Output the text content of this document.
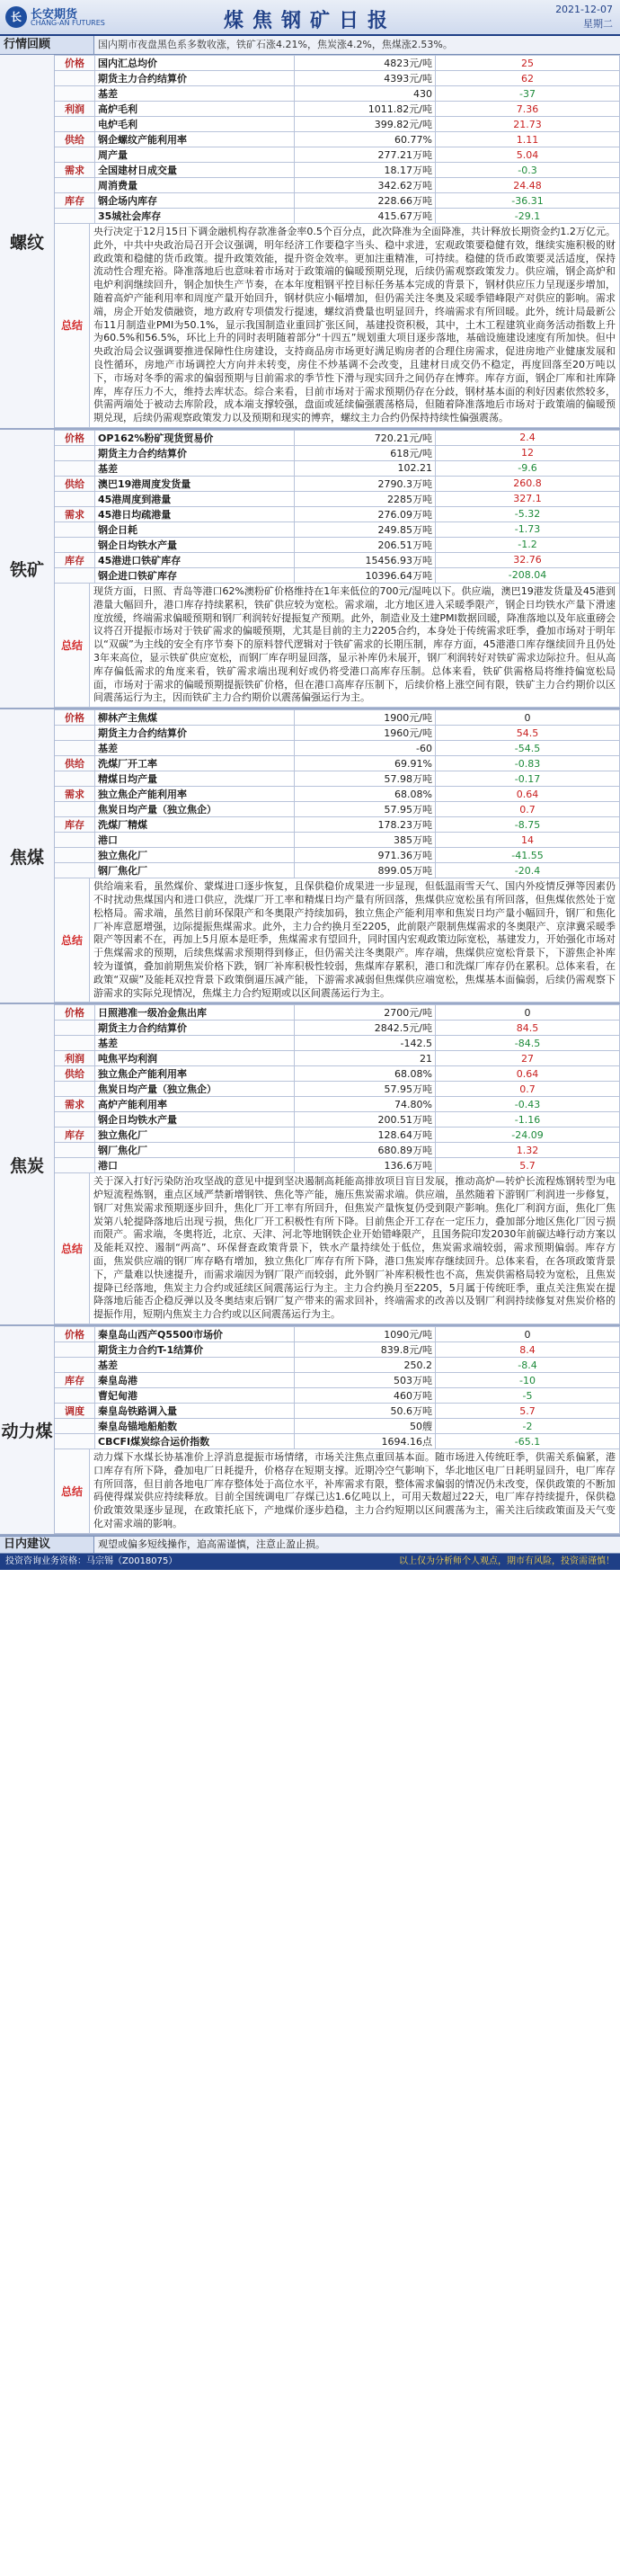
长 长安期货
CHANG-AN FUTURES	煤焦钢矿日报	2021-12-07
星期二
行情回顾	国内期市夜盘黑色系多数收涨，铁矿石涨4.21%，焦炭涨4.2%，焦煤涨2.53%。
螺纹
价格	国内汇总均价	4823元/吨	25
	期货主力合约结算价	4393元/吨	62
	基差	430	-37
利润	高炉毛利	1011.82元/吨	7.36
	电炉毛利	399.82元/吨	21.73
供给	钢企螺纹产能利用率	60.77%	1.11
	周产量	277.21万吨	5.04
需求	全国建材日成交量	18.17万吨	-0.3
	周消费量	342.62万吨	24.48
库存	钢企场内库存	228.66万吨	-36.31
	35城社会库存	415.67万吨	-29.1
总结
央行决定于12月15日下调金融机构存款准备金率0.5个百分点，此次降准为全面降准，共计释放长期资金约1.2万亿元。此外，中共中央政治局召开会议强调，明年经济工作要稳字当头、稳中求进，宏观政策要稳健有效，继续实施积极的财政政策和稳健的货币政策。提升政策效能，提升资金效率。更加注重精准，可持续。稳健的货币政策要灵活适度，保持流动性合理充裕。降准落地后也意味着市场对于政策端的偏暖预期兑现，后续仍需观察政策发力。供应端，钢企高炉和电炉利润继续回升，钢企加快生产节奏，在本年度粗钢平控目标任务基本完成的背景下，钢材供应压力呈现逐步增加，随着高炉产能利用率和周度产量开始回升，钢材供应小幅增加，但仍需关注冬奥及采暖季错峰限产对供应的影响。需求端，房企开始发债融资，地方政府专项债发行提速，螺纹消费量也明显回升，终端需求有所回暖。此外，统计局最新公布11月制造业PMI为50.1%，显示我国制造业重回扩张区间，基建投资积极，其中，土木工程建筑业商务活动指数上升为60.5%和56.5%，环比上升的同时表明随着部分“十四五”规划重大项目逐步落地，基础设施建设速度有所加快。但中央政治局会议强调要推进保障性住房建设，支持商品房市场更好满足购房者的合理住房需求，促进房地产业健康发展和良性循环，房地产市场调控大方向并未转变，房住不炒基调不会改变，且建材日成交仍不稳定，再度回落至20万吨以下，市场对冬季的需求的偏弱预期与目前需求的季节性下滑与现实回升之间仍存在博弈。库存方面，钢企厂库和社库降库，库存压力不大，维持去库状态。综合来看，目前市场对于需求预期仍存在分歧，钢材基本面的利好因素依然较多，供需两端处于被动去库阶段，成本端支撑较强，盘面或延续偏强震荡格局，但随着降准落地后市场对于政策端的偏暖预期兑现，后续仍需观察政策发力以及预期和现实的博弈，螺纹主力合约仍保持持续性偏强震荡。
铁矿
价格	OP162%粉矿现货贸易价	720.21元/吨	2.4
	期货主力合约结算价	618元/吨	12
	基差	102.21	-9.6
供给	澳巴19港周度发货量	2790.3万吨	260.8
	45港周度到港量	2285万吨	327.1
需求	45港日均疏港量	276.09万吨	-5.32
	钢企日耗	249.85万吨	-1.73
	钢企日均铁水产量	206.51万吨	-1.2
库存	45港进口铁矿库存	15456.93万吨	32.76
	钢企进口铁矿库存	10396.64万吨	-208.04
总结
现货方面，日照、青岛等港口62%澳粉矿价格维持在1年来低位的700元/湿吨以下。供应端，澳巴19港发货量及45港到港量大幅回升，港口库存持续累积，铁矿供应较为宽松。需求端，北方地区进入采暖季限产，钢企日均铁水产量下滑速度放缓，终端需求偏暖预期和钢厂利润转好提振复产预期。此外，制造业及土建PMI数据回暖，降准落地以及年底重磅会议将召开提振市场对于铁矿需求的偏暖预期，尤其是目前的主力2205合约，本身处于传统需求旺季，叠加市场对于明年以“双碳”为主线的安全有序节奏下的原料替代逻辑对于铁矿需求的长期压制，库存方面，45港港口库存继续回升且仍处3年来高位，显示铁矿供应宽松，而钢厂库存明显回落，显示补库仍未展开，钢厂利润转好对铁矿需求边际拉升。但从高库存偏低需求的角度来看，铁矿需求端出现利好或仍将受港口高库存压制。总体来看，铁矿供需格局将维持偏宽松局面，市场对于需求的偏暖预期提振铁矿价格，但在港口高库存压制下，后续价格上涨空间有限，铁矿主力合约期价以区间震荡运行为主，因而铁矿主力合约期价以震荡偏强运行为主。
焦煤
价格	柳林产主焦煤	1900元/吨	0
	期货主力合约结算价	1960元/吨	54.5
	基差	-60	-54.5
供给	洗煤厂开工率	69.91%	-0.83
	精煤日均产量	57.98万吨	-0.17
需求	独立焦企产能利用率	68.08%	0.64
	焦炭日均产量（独立焦企）	57.95万吨	0.7
库存	洗煤厂精煤	178.23万吨	-8.75
	港口	385万吨	14
	独立焦化厂	971.36万吨	-41.55
	钢厂焦化厂	899.05万吨	-20.4
总结
供给端来看，虽然煤价、蒙煤进口逐步恢复，且保供稳价成果进一步显现，但低温雨雪天气、国内外疫情反弹等因素仍不时扰动焦煤国内和进口供应，洗煤厂开工率和精煤日均产量有所回落，焦煤供应宽松虽有所回落，但焦煤依然处于宽松格局。需求端，虽然目前环保限产和冬奥限产持续加码，独立焦企产能利用率和焦炭日均产量小幅回升，钢厂和焦化厂补库意愿增强，边际提振焦煤需求。此外，主力合约换月至2205，此前限产限制焦煤需求的冬奥限产、京津冀采暖季限产等因素不在，再加上5月原本是旺季，焦煤需求有望回升，同时国内宏观政策边际宽松，基建发力，开始强化市场对于焦煤需求的预期，后续焦煤需求预期得到修正，但仍需关注冬奥限产。库存端，焦煤供应宽松背景下，下游焦企补库较为谨慎，叠加前期焦炭价格下跌，钢厂补库积极性较弱，焦煤库存累积，港口和洗煤厂库存仍在累积。总体来看，在政策“双碳”及能耗双控背景下政策倒逼压减产能，下游需求减弱但焦煤供应端宽松，焦煤基本面偏弱，后续仍需观察下游需求的实际兑现情况，焦煤主力合约短期或以区间震荡运行为主。
焦炭
价格	日照港准一级冶金焦出库	2700元/吨	0
	期货主力合约结算价	2842.5元/吨	84.5
	基差	-142.5	-84.5
利润	吨焦平均利润	21	27
供给	独立焦企产能利用率	68.08%	0.64
	焦炭日均产量（独立焦企）	57.95万吨	0.7
需求	高炉产能利用率	74.80%	-0.43
	钢企日均铁水产量	200.51万吨	-1.16
库存	独立焦化厂	128.64万吨	-24.09
	钢厂焦化厂	680.89万吨	1.32
	港口	136.6万吨	5.7
总结
关于深入打好污染防治攻坚战的意见中提到坚决遏制高耗能高排放项目盲目发展，推动高炉—转炉长流程炼钢转型为电炉短流程炼钢，重点区域严禁新增钢铁、焦化等产能，施压焦炭需求端。供应端，虽然随着下游钢厂利润进一步修复，钢厂对焦炭需求预期逐步回升，焦化厂开工率有所回升，但焦炭产量恢复仍受到限产影响。焦化厂利润方面，焦化厂焦炭第八轮提降落地后出现亏损，焦化厂开工积极性有所下降。目前焦企开工存在一定压力，叠加部分地区焦化厂因亏损而限产。需求端，冬奥将近，北京、天津、河北等地钢铁企业开始错峰限产，且国务院印发2030年前碳达峰行动方案以及能耗双控、遏制“两高”、环保督查政策背景下，铁水产量持续处于低位，焦炭需求端较弱，需求预期偏弱。库存方面，焦炭供应端的钢厂库存略有增加，独立焦化厂库存有所下降，港口焦炭库存继续回升。总体来看，在各项政策背景下，产量难以快速提升，而需求端因为钢厂限产而较弱，此外钢厂补库积极性也不高，焦炭供需格局较为宽松，且焦炭提降已经落地，焦炭主力合约或延续区间震荡运行为主。主力合约换月至2205，5月属于传统旺季，重点关注焦炭在提降落地后能否企稳反弹以及冬奥结束后钢厂复产带来的需求回补，终端需求的改善以及钢厂利润持续修复对焦炭价格的提振作用，短期内焦炭主力合约或以区间震荡运行为主。
动力煤
价格	秦皇岛山西产Q5500市场价	1090元/吨	0
	期货主力合约T-1结算价	839.8元/吨	8.4
	基差	250.2	-8.4
库存	秦皇岛港	503万吨	-10
	曹妃甸港	460万吨	-5
调度	秦皇岛铁路调入量	50.6万吨	5.7
	秦皇岛锚地船舶数	50艘	-2
	CBCFI煤炭综合运价指数	1694.16点	-65.1
总结
动力煤下水煤长协基准价上浮消息提振市场情绪，市场关注焦点重回基本面。随市场进入传统旺季，供需关系偏紧，港口库存有所下降，叠加电厂日耗提升，价格存在短期支撑。近期冷空气影响下，华北地区电厂日耗明显回升，电厂库存有所回落，但目前各地电厂库存整体处于高位水平，补库需求有限，整体需求偏弱的情况仍未改变，保供政策的不断加码使得煤炭供应持续释放。目前全国统调电厂存煤已达1.6亿吨以上，可用天数超过22天，电厂库存持续提升，保供稳价政策效果逐步显现，在政策托底下，产地煤价逐步趋稳，主力合约短期以区间震荡为主，需关注后续政策面及天气变化对需求端的影响。
日内建议	观望或偏多短线操作，追高需谨慎，注意止盈止损。
投资咨询业务资格：马宗锡（Z0018075）	以上仅为分析师个人观点，期市有风险，投资需谨慎！
